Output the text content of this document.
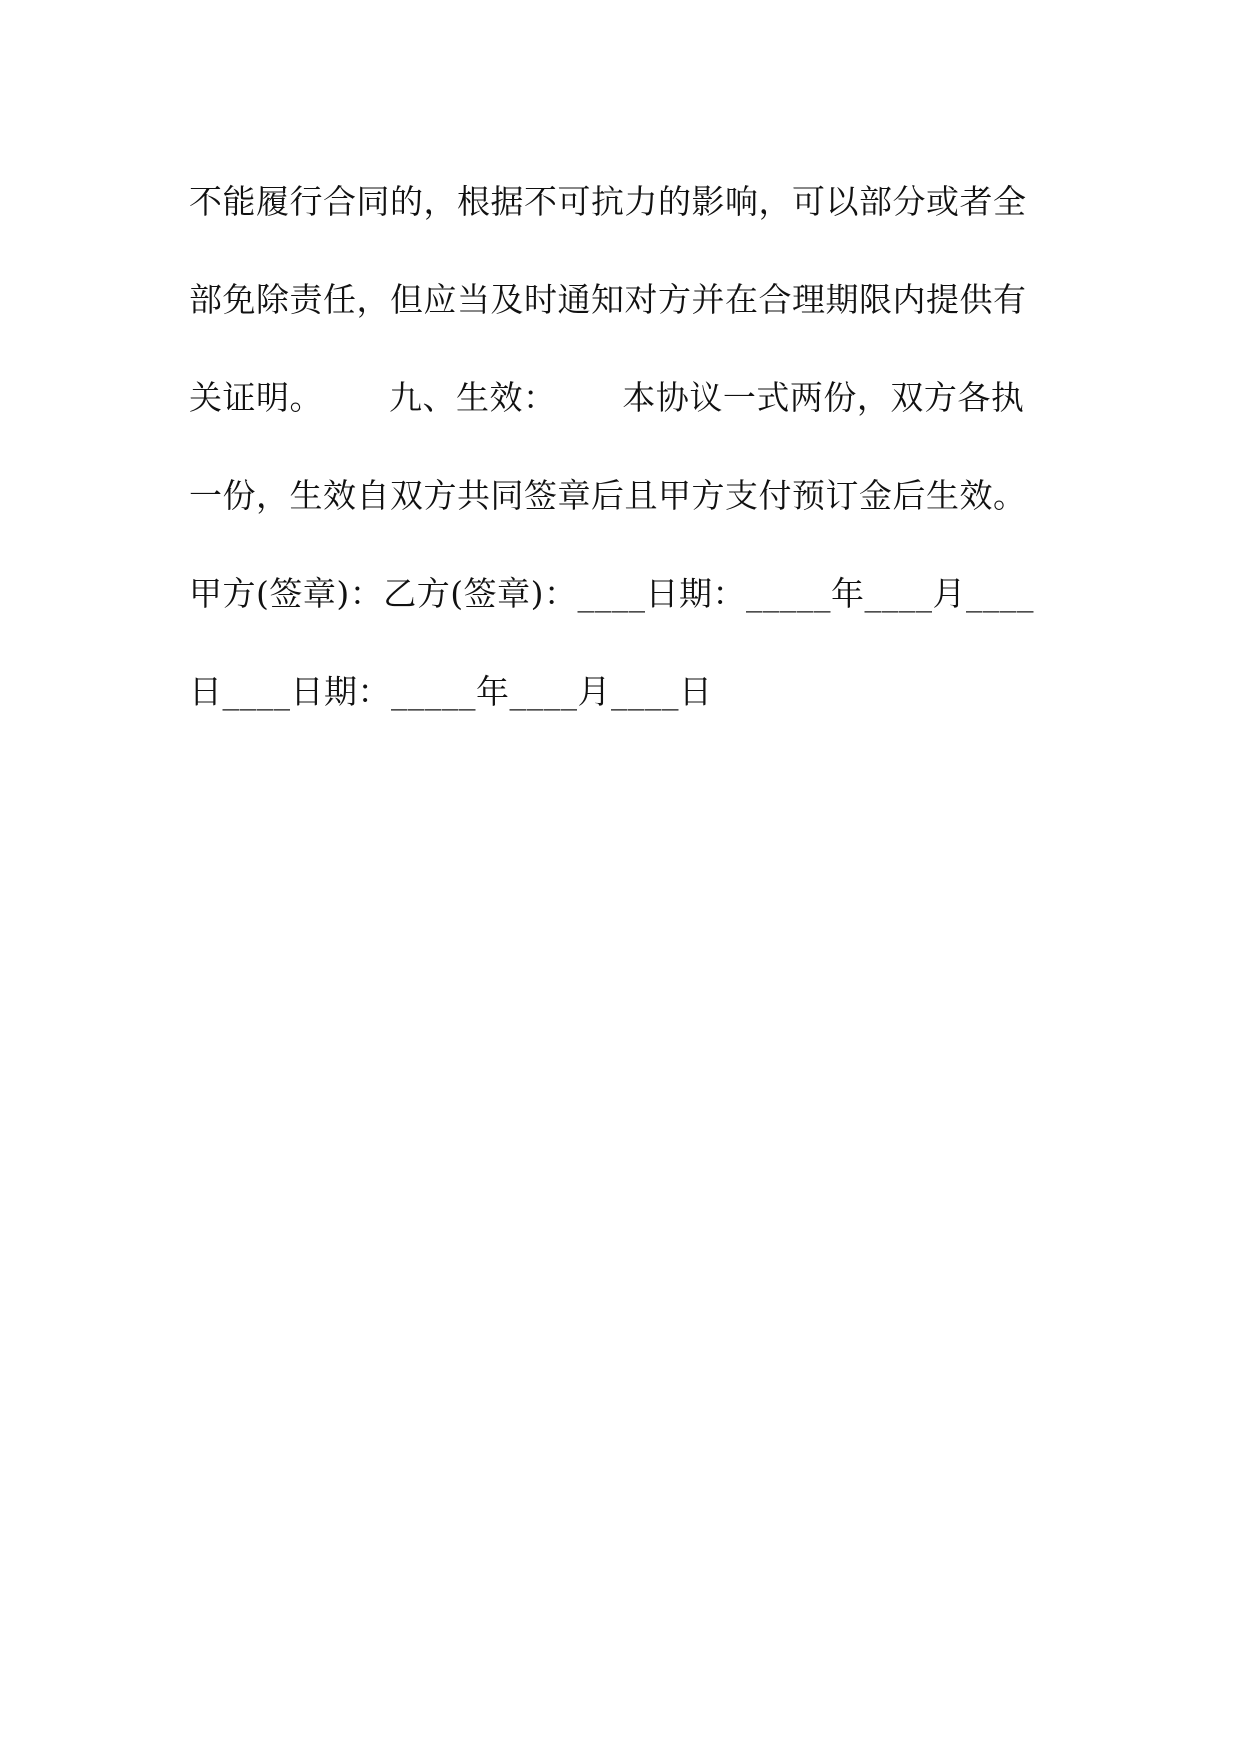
不能履行合同的，根据不可抗力的影响，可以部分或者全
部免除责任，但应当及时通知对方并在合理期限内提供有
关证明。      九、生效：      本协议一式两份，双方各执
一份，生效自双方共同签章后且甲方支付预订金后生效。
甲方(签章)：乙方(签章)：____日期：_____年____月____
日____日期：_____年____月____日
